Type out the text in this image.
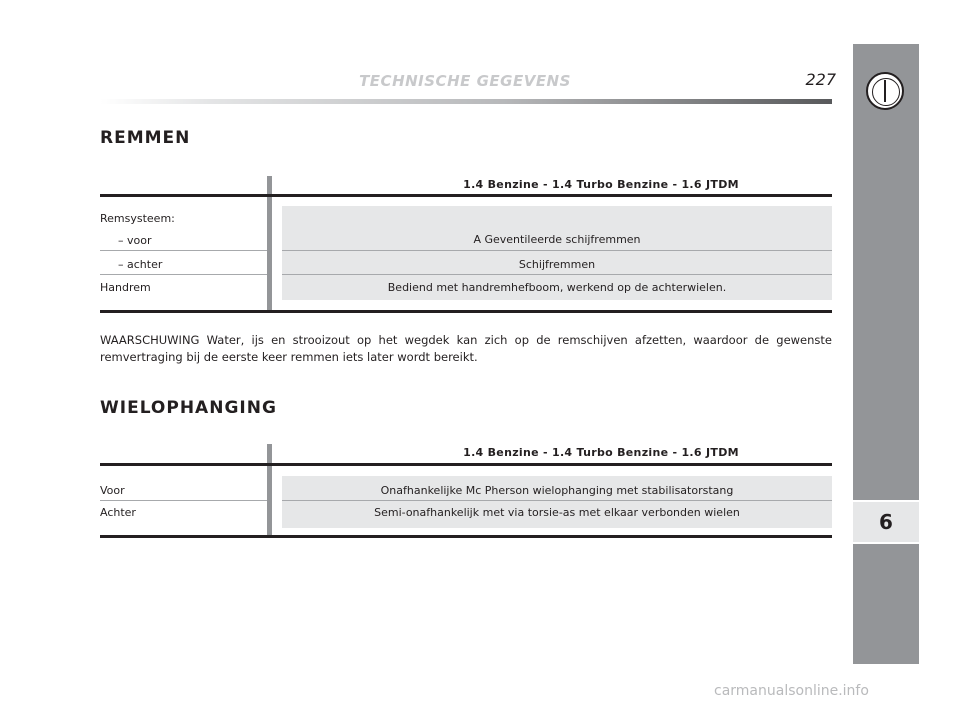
TECHNISCHE GEGEVENS	227
6
REMMEN
1.4 Benzine - 1.4 Turbo Benzine - 1.6 JTDM
Remsysteem:
– voor	A Geventileerde schijfremmen
– achter	Schijfremmen
Handrem	Bediend met handremhefboom, werkend op de achterwielen.
WAARSCHUWING Water, ijs en strooizout op het wegdek kan zich op de remschijven afzetten, waardoor de gewenste remvertraging bij de eerste keer remmen iets later wordt bereikt.
WIELOPHANGING
1.4 Benzine - 1.4 Turbo Benzine - 1.6 JTDM
Voor	Onafhankelijke Mc Pherson wielophanging met stabilisatorstang
Achter	Semi-onafhankelijk met via torsie-as met elkaar verbonden wielen
carmanualsonline.info
